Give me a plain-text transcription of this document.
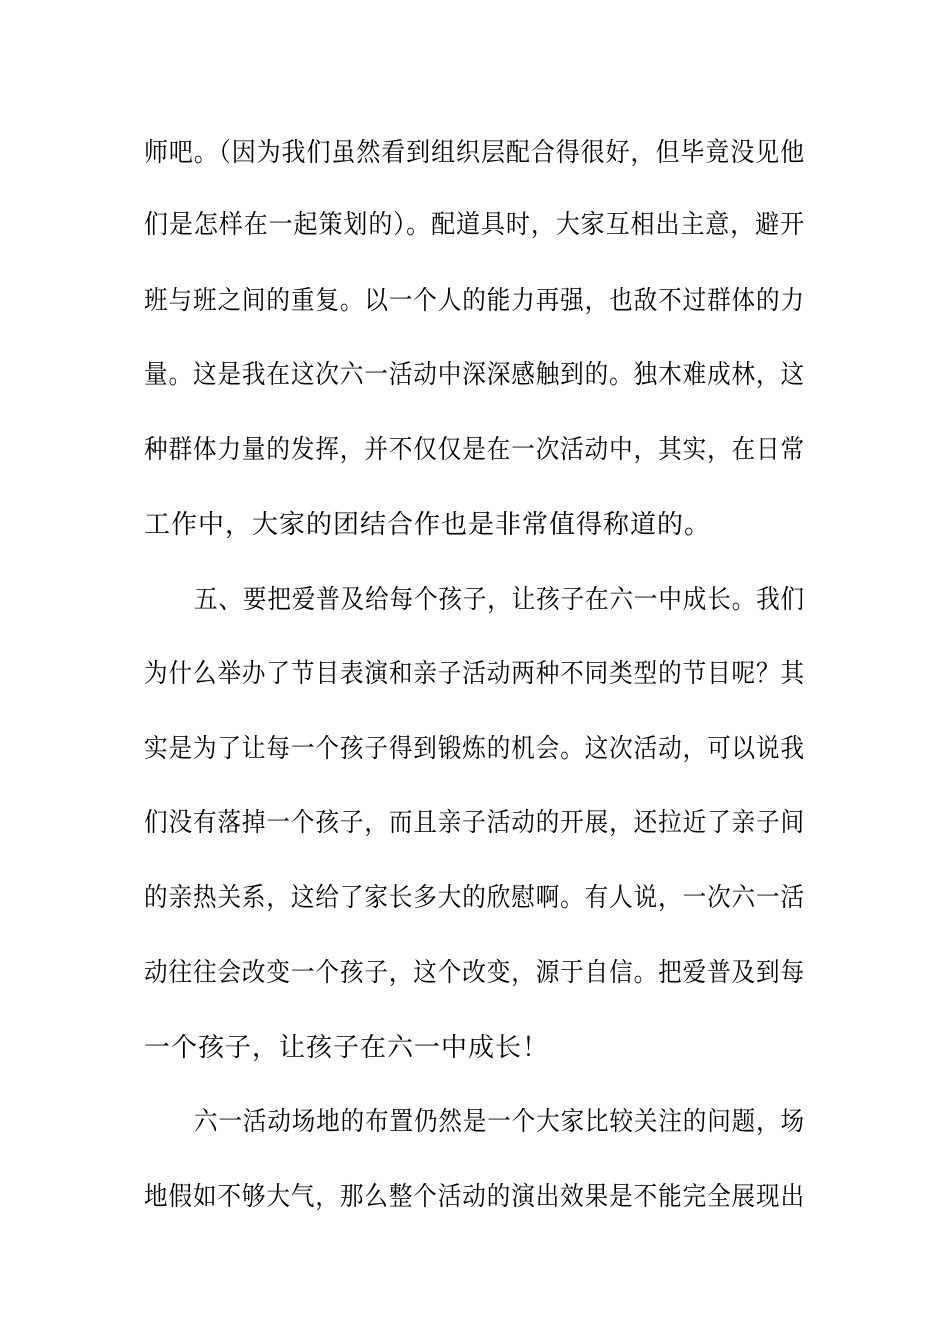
师吧。（因为我们虽然看到组织层配合得很好，但毕竟没见他
们是怎样在一起策划的）。配道具时，大家互相出主意，避开
班与班之间的重复。以一个人的能力再强，也敌不过群体的力
量。这是我在这次六一活动中深深感触到的。独木难成林，这
种群体力量的发挥，并不仅仅是在一次活动中，其实，在日常
工作中，大家的团结合作也是非常值得称道的。
五、要把爱普及给每个孩子，让孩子在六一中成长。我们
为什么举办了节目表演和亲子活动两种不同类型的节目呢？其
实是为了让每一个孩子得到锻炼的机会。这次活动，可以说我
们没有落掉一个孩子，而且亲子活动的开展，还拉近了亲子间
的亲热关系，这给了家长多大的欣慰啊。有人说，一次六一活
动往往会改变一个孩子，这个改变，源于自信。把爱普及到每
一个孩子，让孩子在六一中成长！
六一活动场地的布置仍然是一个大家比较关注的问题，场
地假如不够大气，那么整个活动的演出效果是不能完全展现出
